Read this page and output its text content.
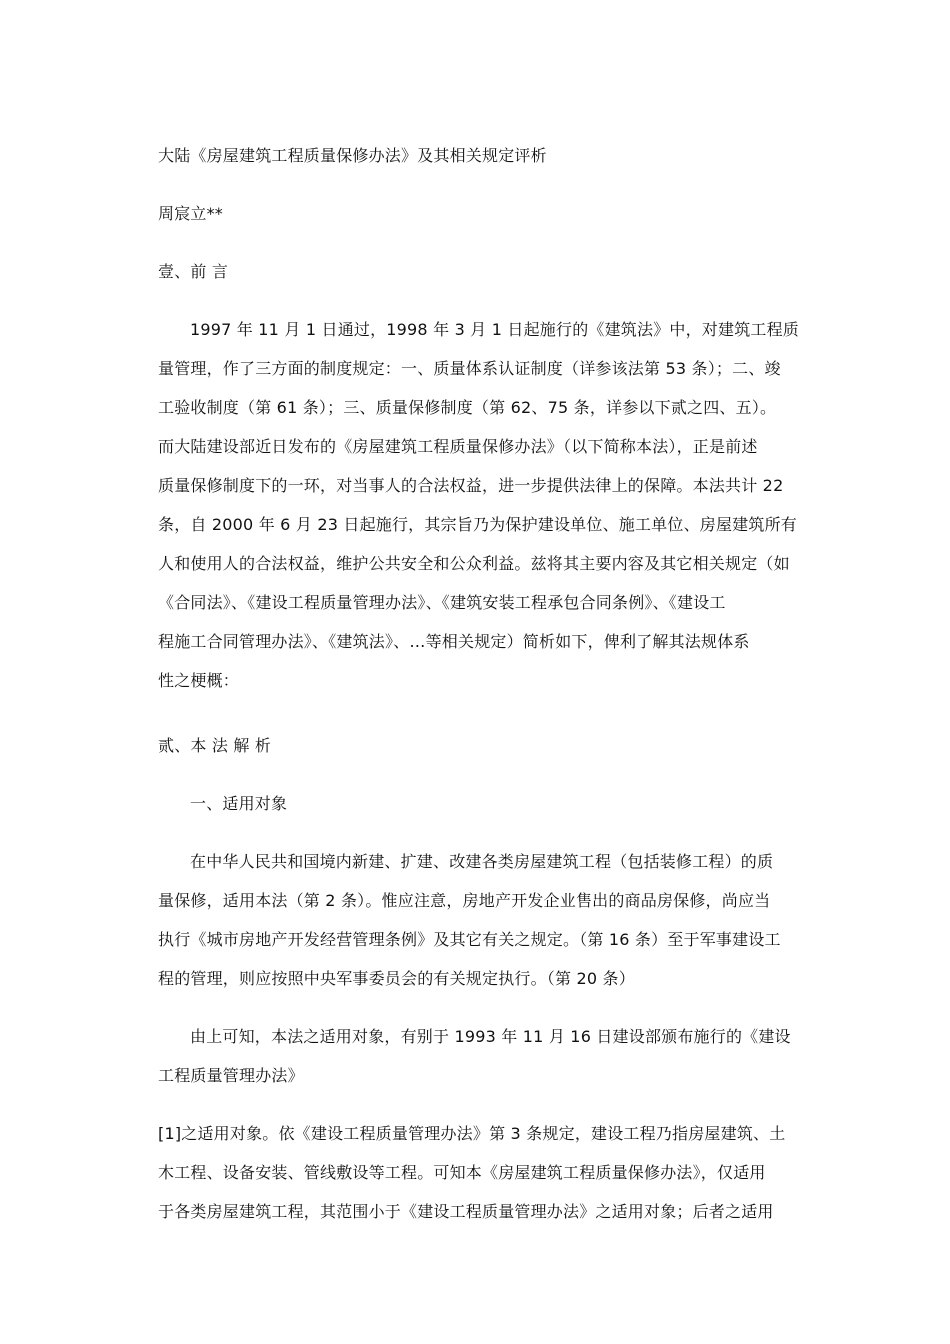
大陆《房屋建筑工程质量保修办法》及其相关规定评析
周宸立**
壹、前 言
1997 年 11 月 1 日通过，1998 年 3 月 1 日起施行的《建筑法》中，对建筑工程质
量管理，作了三方面的制度规定：一、质量体系认证制度（详参该法第 53 条）；二、竣
工验收制度（第 61 条）；三、质量保修制度（第 62、75 条，详参以下贰之四、五）。
而大陆建设部近日发布的《房屋建筑工程质量保修办法》（以下简称本法），正是前述
质量保修制度下的一环，对当事人的合法权益，进一步提供法律上的保障。本法共计 22
条，自 2000 年 6 月 23 日起施行，其宗旨乃为保护建设单位、施工单位、房屋建筑所有
人和使用人的合法权益，维护公共安全和公众利益。兹将其主要内容及其它相关规定（如
《合同法》、《建设工程质量管理办法》、《建筑安装工程承包合同条例》、《建设工
程施工合同管理办法》、《建筑法》、…等相关规定）简析如下，俾利了解其法规体系
性之梗概：
贰、本 法 解 析
一、适用对象
在中华人民共和国境内新建、扩建、改建各类房屋建筑工程（包括装修工程）的质
量保修，适用本法（第 2 条）。惟应注意，房地产开发企业售出的商品房保修，尚应当
执行《城市房地产开发经营管理条例》及其它有关之规定。（第 16 条）至于军事建设工
程的管理，则应按照中央军事委员会的有关规定执行。（第 20 条）
由上可知，本法之适用对象，有别于 1993 年 11 月 16 日建设部颁布施行的《建设
工程质量管理办法》
[1]之适用对象。依《建设工程质量管理办法》第 3 条规定，建设工程乃指房屋建筑、土
木工程、设备安装、管线敷设等工程。可知本《房屋建筑工程质量保修办法》，仅适用
于各类房屋建筑工程，其范围小于《建设工程质量管理办法》之适用对象；后者之适用
